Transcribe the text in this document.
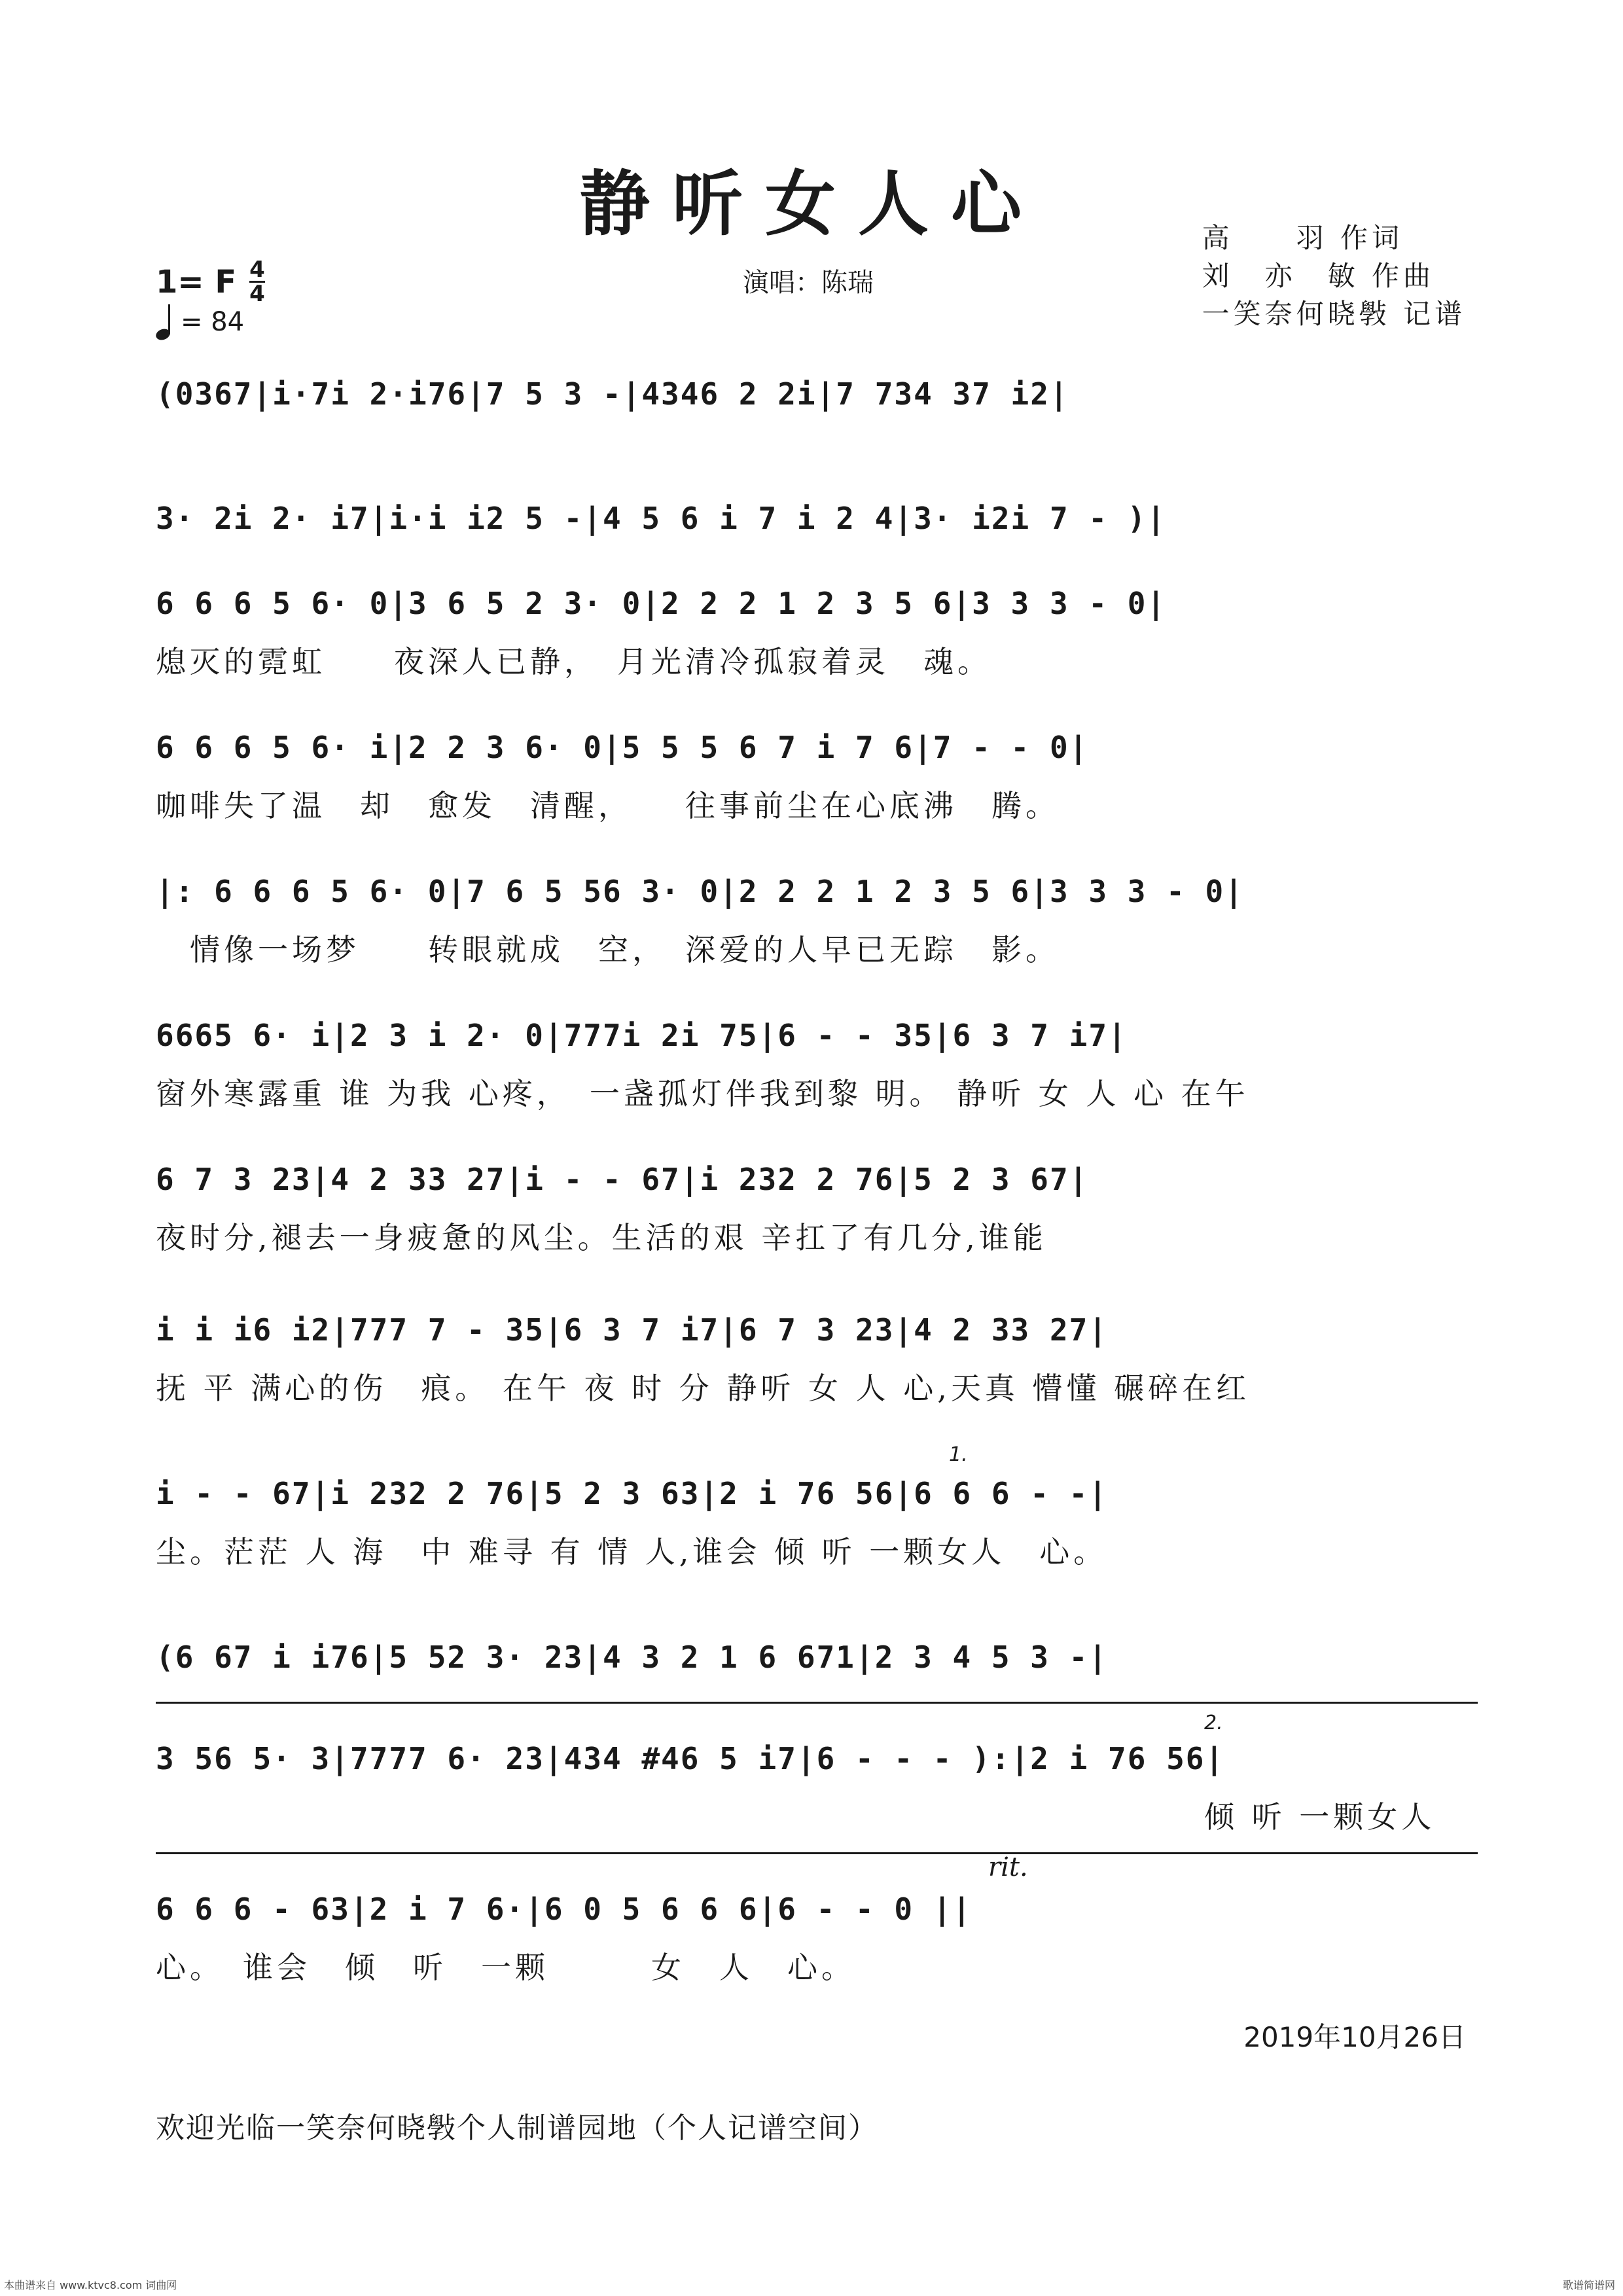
静听女人心	高　　羽 作词
刘　亦　敏 作曲
一笑奈何晓斅 记谱
1= F $\frac{4}{4}$
= 84
演唱：陈瑞
(0367|i·7i 2·i76|7 5 3 -|4346 2 2i|7 734 37 i2|
3· 2i 2· i7|i·i i2 5 -|4 5 6 i 7 i 2 4|3· i2i 7 - )|
6 6 6 5 6· 0|3 6 5 2 3· 0|2 2 2 1 2 3 5 6|3 3 3 - 0|
熄灭的霓虹　　夜深人已静，　月光清冷孤寂着灵　魂。
6 6 6 5 6· i|2 2 3 6· 0|5 5 5 6 7 i 7 6|7 - - 0|
咖啡失了温　却　愈发　清醒，　　往事前尘在心底沸　腾。
|: 6 6 6 5 6· 0|7 6 5 56 3· 0|2 2 2 1 2 3 5 6|3 3 3 - 0|
　情像一场梦　　转眼就成　空，　深爱的人早已无踪　影。
6665 6· i|2 3 i 2· 0|777i 2i 75|6 - - 35|6 3 7 i7|
窗外寒露重 谁 为我 心疼，　一盏孤灯伴我到黎 明。 静听 女 人 心 在午
6 7 3 23|4 2 33 27|i - - 67|i 232 2 76|5 2 3 67|
夜时分,褪去一身疲惫的风尘。生活的艰 辛扛了有几分,谁能
i i i6 i2|777 7 - 35|6 3 7 i7|6 7 3 23|4 2 33 27|
抚 平 满心的伤　痕。 在午 夜 时 分 静听 女 人 心,天真 懵懂 碾碎在红
1.
i - - 67|i 232 2 76|5 2 3 63|2 i 76 56|6 6 6 - -|
尘。茫茫 人 海　中 难寻 有 情 人,谁会 倾 听 一颗女人　心。
(6 67 i i76|5 52 3· 23|4 3 2 1 6 671|2 3 4 5 3 -|
2.
3 56 5· 3|7777 6· 23|434 #46 5 i7|6 - - - ):|2 i 76 56|
倾 听 一颗女人
rit.
6 6 6 - 63|2 i 7 6·|6 0 5 6 6 6|6 - - 0 ||
心。　谁会　倾　听　一颗　　　女　人　心。
2019年10月26日
欢迎光临一笑奈何晓斅个人制谱园地（个人记谱空间）
本曲谱来自 www.ktvc8.com 词曲网	歌谱简谱网
